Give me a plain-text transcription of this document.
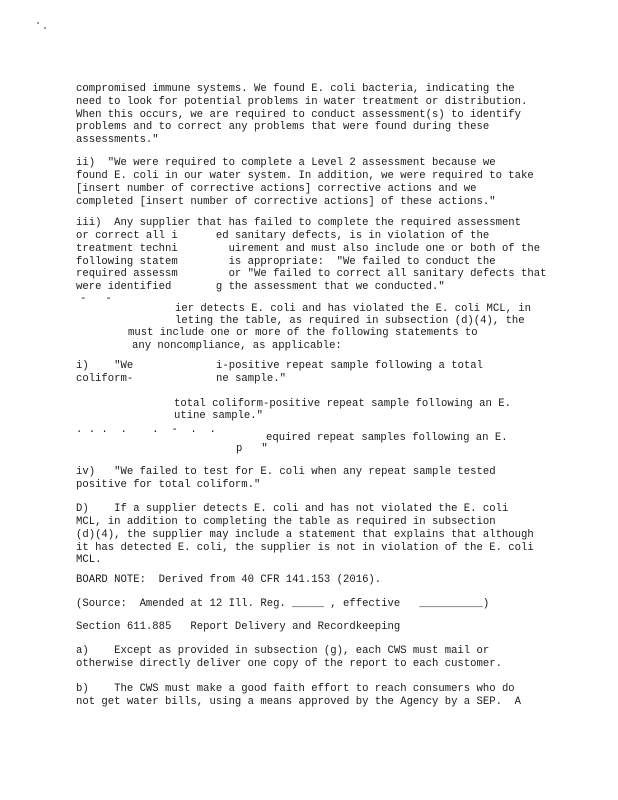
compromised immune systems. We found E. coli bacteria, indicating the
need to look for potential problems in water treatment or distribution.
When this occurs, we are required to conduct assessment(s) to identify
problems and to correct any problems that were found during these
assessments."
ii)  "We were required to complete a Level 2 assessment because we
found E. coli in our water system. In addition, we were required to take
[insert number of corrective actions] corrective actions and we
completed [insert number of corrective actions] of these actions."
iii)  Any supplier that has failed to complete the required assessment
or correct all i      ed sanitary defects, is in violation of the
treatment techni        uirement and must also include one or both of the
following statem        is appropriate:  "We failed to conduct the
required assessm        or "We failed to correct all sanitary defects that
were identified       g the assessment that we conducted."
-   -
ier detects E. coli and has violated the E. coli MCL, in
leting the table, as required in subsection (d)(4), the
must include one or more of the following statements to
any noncompliance, as applicable:
i)    "We	i-positive repeat sample following a total
coliform-	ne sample."
total coliform-positive repeat sample following an E.
utine sample."
. . .  .    .  -  .  .
equired repeat samples following an E.
p   "
iv)   "We failed to test for E. coli when any repeat sample tested
positive for total coliform."
D)    If a supplier detects E. coli and has not violated the E. coli
MCL, in addition to completing the table as required in subsection
(d)(4), the supplier may include a statement that explains that although
it has detected E. coli, the supplier is not in violation of the E. coli
MCL.
BOARD NOTE:  Derived from 40 CFR 141.153 (2016).
(Source:  Amended at 12 Ill. Reg. _____ , effective   __________)
Section 611.885   Report Delivery and Recordkeeping
a)    Except as provided in subsection (g), each CWS must mail or
otherwise directly deliver one copy of the report to each customer.
b)    The CWS must make a good faith effort to reach consumers who do
not get water bills, using a means approved by the Agency by a SEP.  A
